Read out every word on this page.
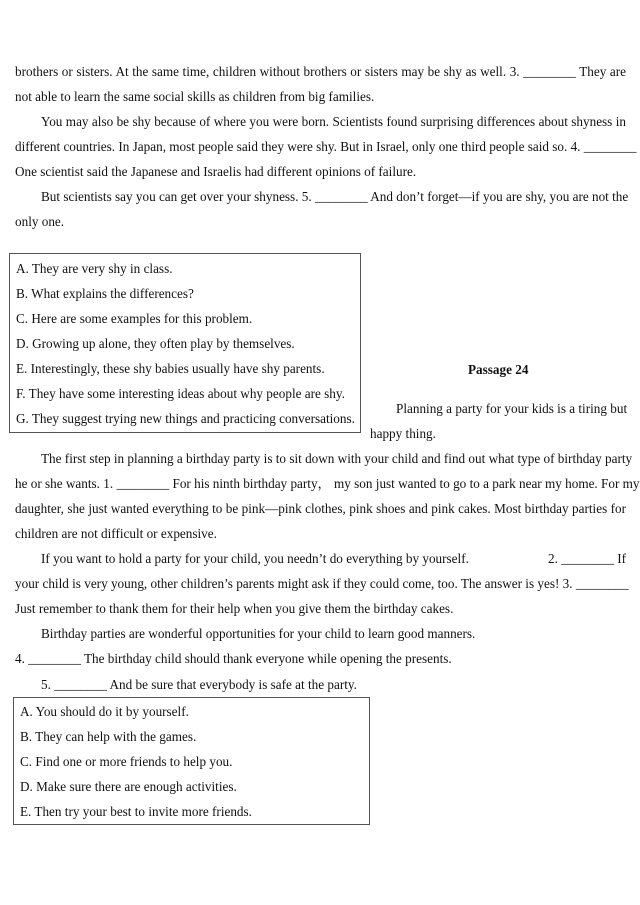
brothers or sisters. At the same time, children without brothers or sisters may be shy as well. 3. ________ They are
not able to learn the same social skills as children from big families.
You may also be shy because of where you were born. Scientists found surprising differences about shyness in
different countries. In Japan, most people said they were shy. But in Israel, only one third people said so. 4. ________
One scientist said the Japanese and Israelis had different opinions of failure.
But scientists say you can get over your shyness. 5. ________ And don’t forget—if you are shy, you are not the
only one.
A. They are very shy in class.
B. What explains the differences?
C. Here are some examples for this problem.
D. Growing up alone, they often play by themselves.
E. Interestingly, these shy babies usually have shy parents.
F. They have some interesting ideas about why people are shy.
G. They suggest trying new things and practicing conversations.
Passage 24
Planning a party for your kids is a tiring but
happy thing.
The first step in planning a birthday party is to sit down with your child and find out what type of birthday party
he or she wants. 1. ________ For his ninth birthday party， my son just wanted to go to a park near my home. For my
daughter, she just wanted everything to be pink—pink clothes, pink shoes and pink cakes. Most birthday parties for
children are not difficult or expensive.
If you want to hold a party for your child, you needn’t do everything by yourself.	2. ________ If
your child is very young, other children’s parents might ask if they could come, too. The answer is yes! 3. ________
Just remember to thank them for their help when you give them the birthday cakes.
Birthday parties are wonderful opportunities for your child to learn good manners.
4. ________ The birthday child should thank everyone while opening the presents.
5. ________ And be sure that everybody is safe at the party.
A. You should do it by yourself.
B. They can help with the games.
C. Find one or more friends to help you.
D. Make sure there are enough activities.
E. Then try your best to invite more friends.
